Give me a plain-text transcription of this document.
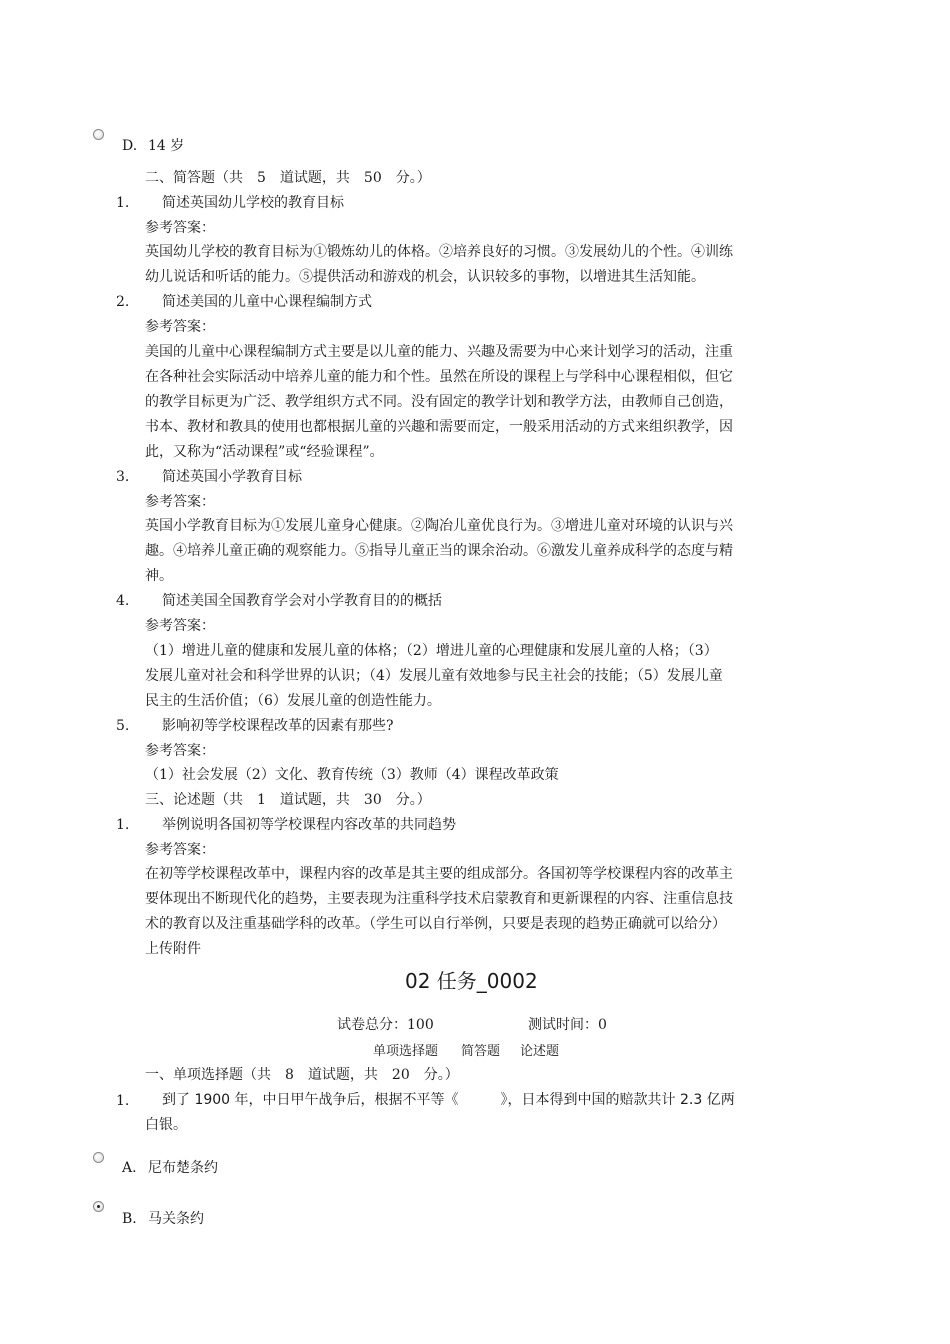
D. 14 岁
二、简答题（共　5　道试题，共　50　分。）
1. 简述英国幼儿学校的教育目标
参考答案：
英国幼儿学校的教育目标为①锻炼幼儿的体格。②培养良好的习惯。③发展幼儿的个性。④训练
幼儿说话和听话的能力。⑤提供活动和游戏的机会，认识较多的事物，以增进其生活知能。
2. 简述美国的儿童中心课程编制方式
参考答案：
美国的儿童中心课程编制方式主要是以儿童的能力、兴趣及需要为中心来计划学习的活动，注重
在各种社会实际活动中培养儿童的能力和个性。虽然在所设的课程上与学科中心课程相似，但它
的教学目标更为广泛、教学组织方式不同。没有固定的教学计划和教学方法，由教师自己创造，
书本、教材和教具的使用也都根据儿童的兴趣和需要而定，一般采用活动的方式来组织教学，因
此，又称为“活动课程”或“经验课程”。
3. 简述英国小学教育目标
参考答案：
英国小学教育目标为①发展儿童身心健康。②陶冶儿童优良行为。③增进儿童对环境的认识与兴
趣。④培养儿童正确的观察能力。⑤指导儿童正当的课余治动。⑥激发儿童养成科学的态度与精
神。
4. 简述美国全国教育学会对小学教育目的的概括
参考答案：
（1）增进儿童的健康和发展儿童的体格；（2）增进儿童的心理健康和发展儿童的人格；（3）
发展儿童对社会和科学世界的认识；（4）发展儿童有效地参与民主社会的技能；（5）发展儿童
民主的生活价值；（6）发展儿童的创造性能力。
5. 影响初等学校课程改革的因素有那些?
参考答案：
（1）社会发展（2）文化、教育传统（3）教师（4）课程改革政策
三、论述题（共　1　道试题，共　30　分。）
1. 举例说明各国初等学校课程内容改革的共同趋势
参考答案：
在初等学校课程改革中，课程内容的改革是其主要的组成部分。各国初等学校课程内容的改革主
要体现出不断现代化的趋势，主要表现为注重科学技术启蒙教育和更新课程的内容、注重信息技
术的教育以及注重基础学科的改革。（学生可以自行举例，只要是表现的趋势正确就可以给分）
上传附件
02 任务_0002
试卷总分：100	测试时间：0
单项选择题 简答题 论述题
一、单项选择题（共　8　道试题，共　20　分。）
1. 到了 1900 年，中日甲午战争后，根据不平等《　　　》，日本得到中国的赔款共计 2.3 亿两
白银。
A. 尼布楚条约
B. 马关条约
